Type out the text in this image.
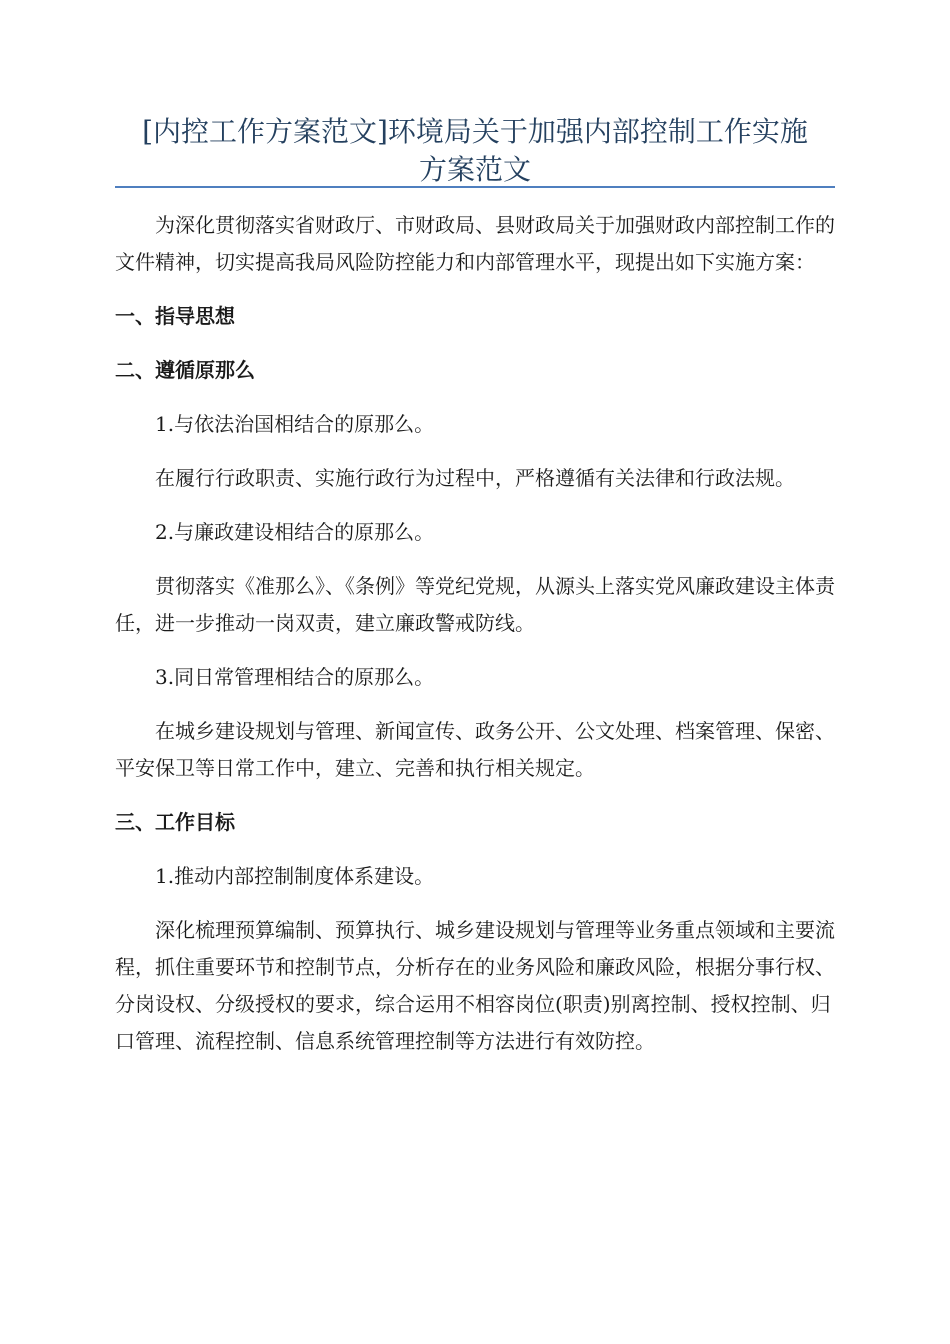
[内控工作方案范文]环境局关于加强内部控制工作实施
方案范文

为深化贯彻落实省财政厅、市财政局、县财政局关于加强财政内部控制工作的文件精神，切实提高我局风险防控能力和内部管理水平，现提出如下实施方案：

一、指导思想

二、遵循原那么

1.与依法治国相结合的原那么。

在履行行政职责、实施行政行为过程中，严格遵循有关法律和行政法规。

2.与廉政建设相结合的原那么。

贯彻落实《准那么》、《条例》等党纪党规，从源头上落实党风廉政建设主体责任，进一步推动一岗双责，建立廉政警戒防线。

3.同日常管理相结合的原那么。

在城乡建设规划与管理、新闻宣传、政务公开、公文处理、档案管理、保密、平安保卫等日常工作中，建立、完善和执行相关规定。

三、工作目标

1.推动内部控制制度体系建设。

深化梳理预算编制、预算执行、城乡建设规划与管理等业务重点领域和主要流程，抓住重要环节和控制节点，分析存在的业务风险和廉政风险，根据分事行权、分岗设权、分级授权的要求，综合运用不相容岗位(职责)别离控制、授权控制、归口管理、流程控制、信息系统管理控制等方法进行有效防控。
